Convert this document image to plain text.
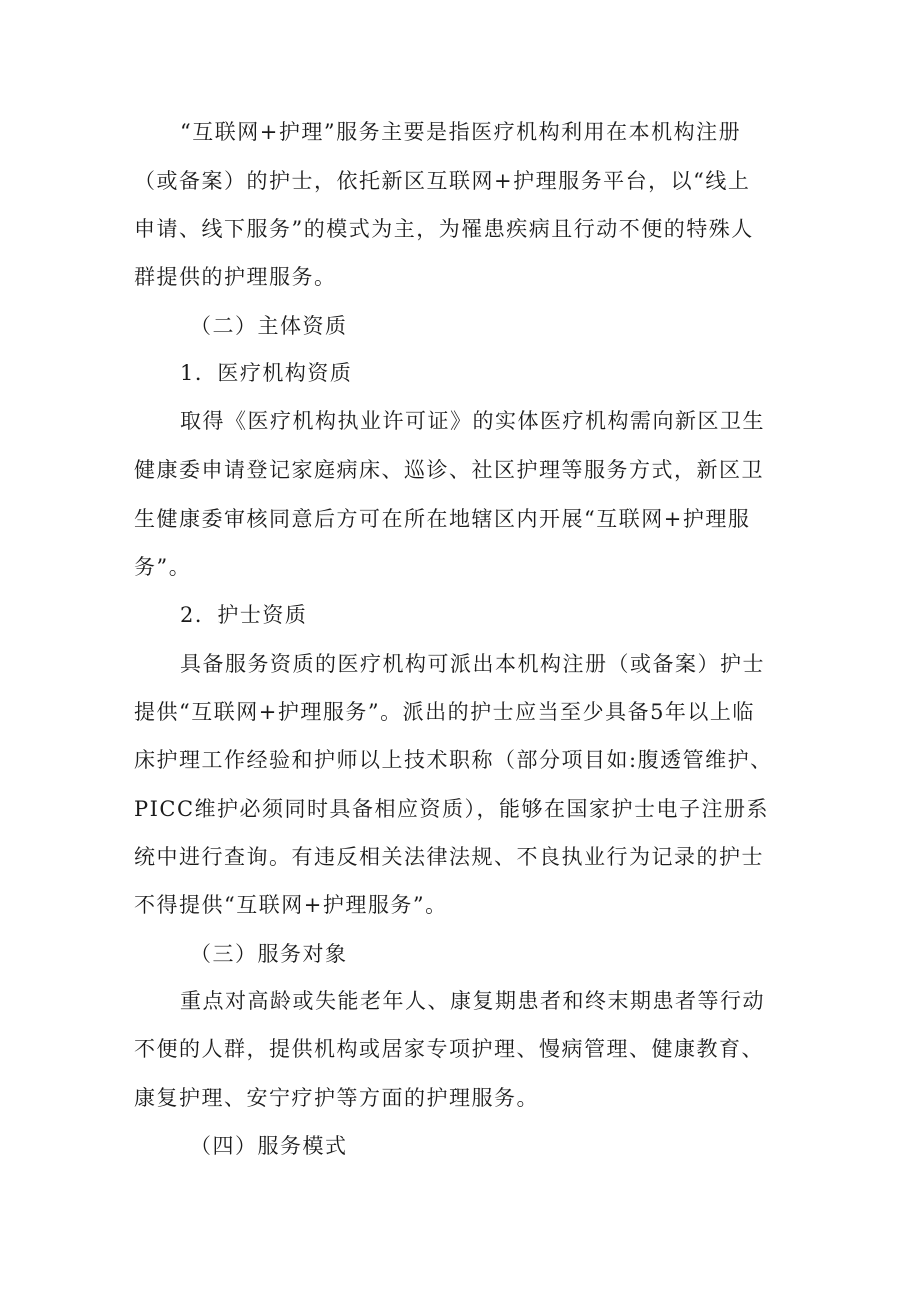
“互联网+护理”服务主要是指医疗机构利用在本机构注册
（或备案）的护士，依托新区互联网+护理服务平台，以“线上
申请、线下服务”的模式为主，为罹患疾病且行动不便的特殊人
群提供的护理服务。
（二）主体资质
1．医疗机构资质
取得《医疗机构执业许可证》的实体医疗机构需向新区卫生
健康委申请登记家庭病床、巡诊、社区护理等服务方式，新区卫
生健康委审核同意后方可在所在地辖区内开展“互联网+护理服
务”。
2．护士资质
具备服务资质的医疗机构可派出本机构注册（或备案）护士
提供“互联网+护理服务”。派出的护士应当至少具备5年以上临
床护理工作经验和护师以上技术职称（部分项目如:腹透管维护、
PICC维护必须同时具备相应资质），能够在国家护士电子注册系
统中进行查询。有违反相关法律法规、不良执业行为记录的护士
不得提供“互联网+护理服务”。
（三）服务对象
重点对高龄或失能老年人、康复期患者和终末期患者等行动
不便的人群，提供机构或居家专项护理、慢病管理、健康教育、
康复护理、安宁疗护等方面的护理服务。
（四）服务模式
